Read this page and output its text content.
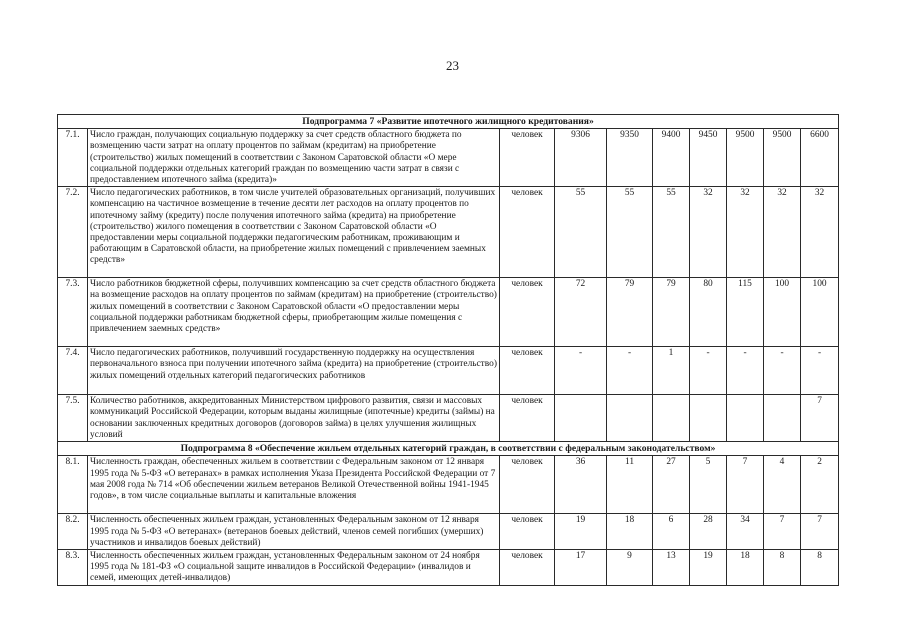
23
Подпрограмма 7 «Развитие ипотечного жилищного кредитования»									
7.1.	Число граждан, получающих социальную поддержку за счет средств областного бюджета по возмещению части затрат на оплату процентов по займам (кредитам) на приобретение (строительство) жилых помещений в соответствии с Законом Саратовской области «О мере социальной поддержки отдельных категорий граждан по возмещению части затрат в связи с предоставлением ипотечного займа (кредита)»	человек	9306	9350	9400	9450	9500	9500	6600
7.2.	Число педагогических работников, в том числе учителей образовательных организаций, получивших компенсацию на частичное возмещение в течение десяти лет расходов на оплату процентов по ипотечному займу (кредиту) после получения ипотечного займа (кредита) на приобретение (строительство) жилого помещения в соответствии с Законом Саратовской области «О предоставлении меры социальной поддержки педагогическим работникам, проживающим и работающим в Саратовской области, на приобретение жилых помещений с привлечением заемных средств»	человек	55	55	55	32	32	32	32
7.3.	Число работников бюджетной сферы, получивших компенсацию за счет средств областного бюджета на возмещение расходов на оплату процентов по займам (кредитам) на приобретение (строительство) жилых помещений в соответствии с Законом Саратовской области «О предоставлении меры социальной поддержки работникам бюджетной сферы, приобретающим жилые помещения с привлечением заемных средств»	человек	72	79	79	80	115	100	100
7.4.	Число педагогических работников, получивший государственную поддержку на осуществления первоначального взноса при получении ипотечного займа (кредита) на приобретение (строительство) жилых помещений отдельных категорий педагогических работников	человек	-	-	1	-	-	-	-
7.5.	Количество работников, аккредитованных Министерством цифрового развития, связи и массовых коммуникаций Российской Федерации, которым выданы жилищные (ипотечные) кредиты (займы) на основании заключенных кредитных договоров (договоров займа) в целях улучшения жилищных условий	человек							7
Подпрограмма 8 «Обеспечение жильем отдельных категорий граждан, в соответствии с федеральным законодательством»									
8.1.	Численность граждан, обеспеченных жильем в соответствии с Федеральным законом от 12 января 1995 года № 5-ФЗ «О ветеранах» в рамках исполнения Указа Президента Российской Федерации от 7 мая 2008 года № 714 «Об обеспечении жильем ветеранов Великой Отечественной войны 1941-1945 годов», в том числе социальные выплаты и капитальные вложения	человек	36	11	27	5	7	4	2
8.2.	Численность обеспеченных жильем граждан, установленных Федеральным законом от 12 января 1995 года № 5-ФЗ «О ветеранах» (ветеранов боевых действий, членов семей погибших (умерших) участников и инвалидов боевых действий)	человек	19	18	6	28	34	7	7
8.3.	Численность обеспеченных жильем граждан, установленных Федеральным законом от 24 ноября 1995 года № 181-ФЗ «О социальной защите инвалидов в Российской Федерации» (инвалидов и семей, имеющих детей-инвалидов)	человек	17	9	13	19	18	8	8
